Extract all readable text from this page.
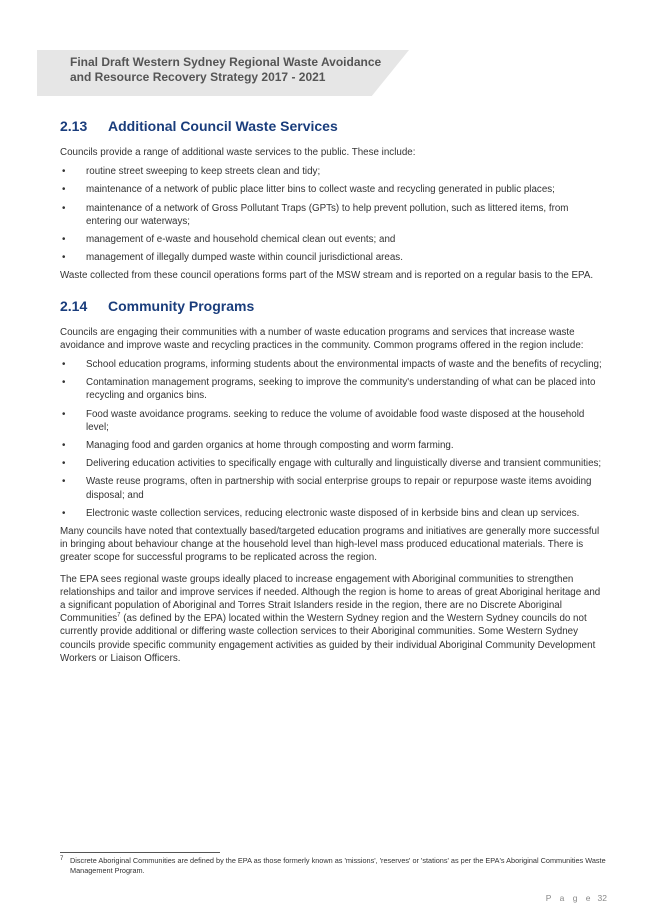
Final Draft Western Sydney Regional Waste Avoidance
and Resource Recovery Strategy 2017 - 2021
2.13	Additional Council Waste Services

Councils provide a range of additional waste services to the public. These include:

• routine street sweeping to keep streets clean and tidy;
• maintenance of a network of public place litter bins to collect waste and recycling generated in public places;
• maintenance of a network of Gross Pollutant Traps (GPTs) to help prevent pollution, such as littered items, from entering our waterways;
• management of e-waste and household chemical clean out events; and
• management of illegally dumped waste within council jurisdictional areas.

Waste collected from these council operations forms part of the MSW stream and is reported on a regular basis to the EPA.

2.14	Community Programs

Councils are engaging their communities with a number of waste education programs and services that increase waste avoidance and improve waste and recycling practices in the community. Common programs offered in the region include:

• School education programs, informing students about the environmental impacts of waste and the benefits of recycling;
• Contamination management programs, seeking to improve the community's understanding of what can be placed into recycling and organics bins.
• Food waste avoidance programs. seeking to reduce the volume of avoidable food waste disposed at the household level;
• Managing food and garden organics at home through composting and worm farming.
• Delivering education activities to specifically engage with culturally and linguistically diverse and transient communities;
• Waste reuse programs, often in partnership with social enterprise groups to repair or repurpose waste items avoiding disposal; and
• Electronic waste collection services, reducing electronic waste disposed of in kerbside bins and clean up services.

Many councils have noted that contextually based/targeted education programs and initiatives are generally more successful in bringing about behaviour change at the household level than high-level mass produced educational materials. There is greater scope for successful programs to be replicated across the region.

The EPA sees regional waste groups ideally placed to increase engagement with Aboriginal communities to strengthen relationships and tailor and improve services if needed. Although the region is home to areas of great Aboriginal heritage and a significant population of Aboriginal and Torres Strait Islanders reside in the region, there are no Discrete Aboriginal Communities$^7$ (as defined by the EPA) located within the Western Sydney region and the Western Sydney councils do not currently provide additional or differing waste collection services to their Aboriginal communities. Some Western Sydney councils provide specific community engagement activities as guided by their individual Aboriginal Community Development Workers or Liaison Officers.

7 Discrete Aboriginal Communities are defined by the EPA as those formerly known as 'missions', 'reserves' or 'stations' as per the EPA's Aboriginal Communities Waste Management Program.
P a g e 32
